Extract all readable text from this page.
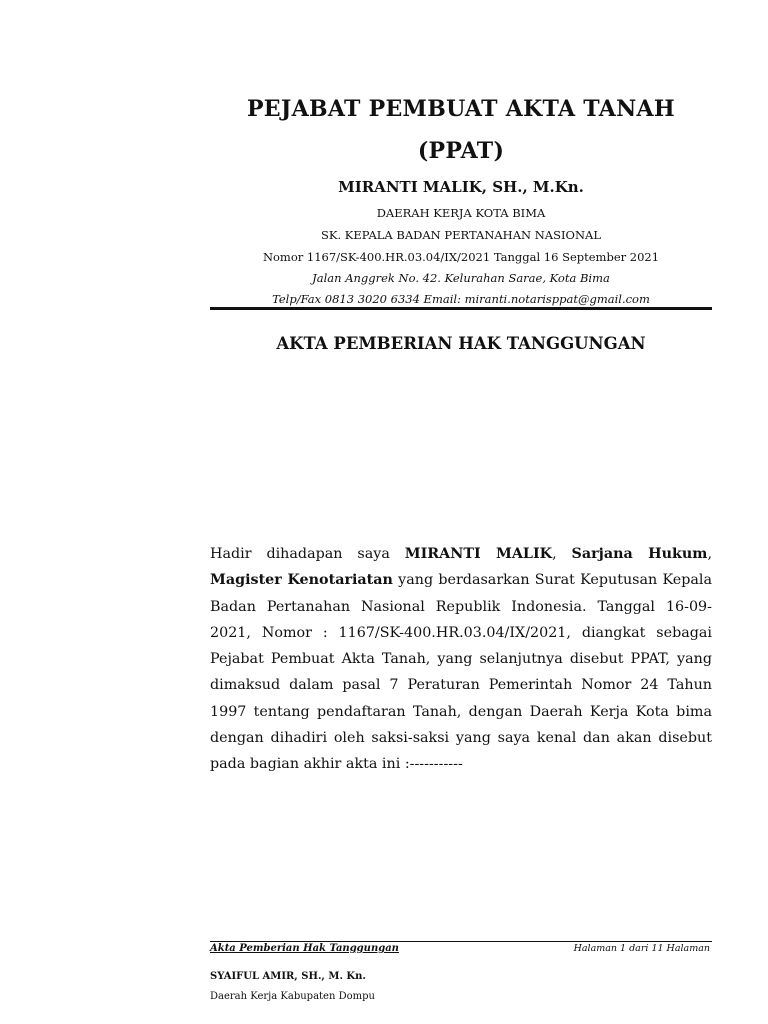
PEJABAT PEMBUAT AKTA TANAH
(PPAT)
MIRANTI MALIK, SH., M.Kn.
DAERAH KERJA KOTA BIMA
SK. KEPALA BADAN PERTANAHAN NASIONAL
Nomor 1167/SK-400.HR.03.04/IX/2021 Tanggal 16 September 2021
Jalan Anggrek No. 42. Kelurahan Sarae, Kota Bima
Telp/Fax 0813 3020 6334 Email: miranti.notarisppat@gmail.com
AKTA PEMBERIAN HAK TANGGUNGAN

Hadir dihadapan saya MIRANTI MALIK, Sarjana Hukum, Magister Kenotariatan yang berdasarkan Surat Keputusan Kepala Badan Pertanahan Nasional Republik Indonesia. Tanggal 16-09-2021, Nomor : 1167/SK-400.HR.03.04/IX/2021, diangkat sebagai Pejabat Pembuat Akta Tanah, yang selanjutnya disebut PPAT, yang dimaksud dalam pasal 7 Peraturan Pemerintah Nomor 24 Tahun 1997 tentang pendaftaran Tanah, dengan Daerah Kerja Kota bima dengan dihadiri oleh saksi-saksi yang saya kenal dan akan disebut pada bagian akhir akta ini :-----------

Akta Pemberian Hak Tanggungan	Halaman 1 dari 11 Halaman
SYAIFUL AMIR, SH., M. Kn.
Daerah Kerja Kabupaten Dompu
